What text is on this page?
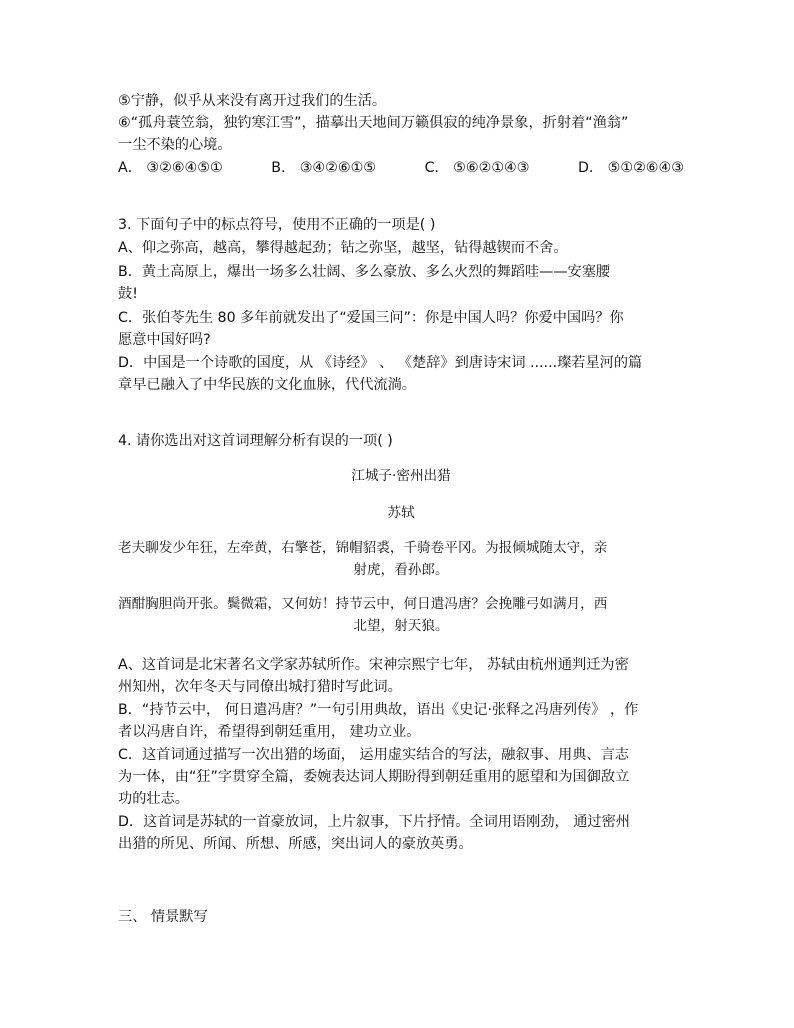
⑤宁静，似乎从来没有离开过我们的生活。
⑥“孤舟蓑笠翁，独钓寒江雪”，描摹出天地间万籁俱寂的纯净景象，折射着“渔翁”
一尘不染的心境。
A． ③②⑥④⑤①	B． ③④②⑥①⑤	C． ⑤⑥②①④③	D． ⑤①②⑥④③
3. 下面句子中的标点符号，使用不正确的一项是( )
A、仰之弥高，越高，攀得越起劲；钻之弥坚，越坚，钻得越锲而不舍。
B．黄土高原上，爆出一场多么壮阔、多么豪放、多么火烈的舞蹈哇——安塞腰
鼓!
C．张伯苓先生 80 多年前就发出了“爱国三问”：你是中国人吗？你爱中国吗？你
愿意中国好吗?
D．中国是一个诗歌的国度，从 《诗经》 、 《楚辞》到唐诗宋词 ......璨若星河的篇
章早已融入了中华民族的文化血脉，代代流淌。
4. 请你选出对这首词理解分析有误的一项( )
江城子·密州出猎
苏轼
老夫聊发少年狂，左牵黄，右擎苍，锦帽貂裘，千骑卷平冈。为报倾城随太守，亲
射虎，看孙郎。
酒酣胸胆尚开张。鬓微霜，又何妨！持节云中，何日遣冯唐？会挽雕弓如满月，西
北望，射天狼。
A、这首词是北宋著名文学家苏轼所作。宋神宗熙宁七年， 苏轼由杭州通判迁为密
州知州，次年冬天与同僚出城打猎时写此词。
B．“持节云中， 何日遣冯唐？”一句引用典故，语出《史记·张释之冯唐列传》 ，作
者以冯唐自许，希望得到朝廷重用， 建功立业。
C．这首词通过描写一次出猎的场面， 运用虚实结合的写法，融叙事、用典、言志
为一体，由“狂”字贯穿全篇，委婉表达词人期盼得到朝廷重用的愿望和为国御敌立
功的壮志。
D．这首词是苏轼的一首豪放词，上片叙事，下片抒情。全词用语刚劲， 通过密州
出猎的所见、所闻、所想、所感，突出词人的豪放英勇。
三、 情景默写
